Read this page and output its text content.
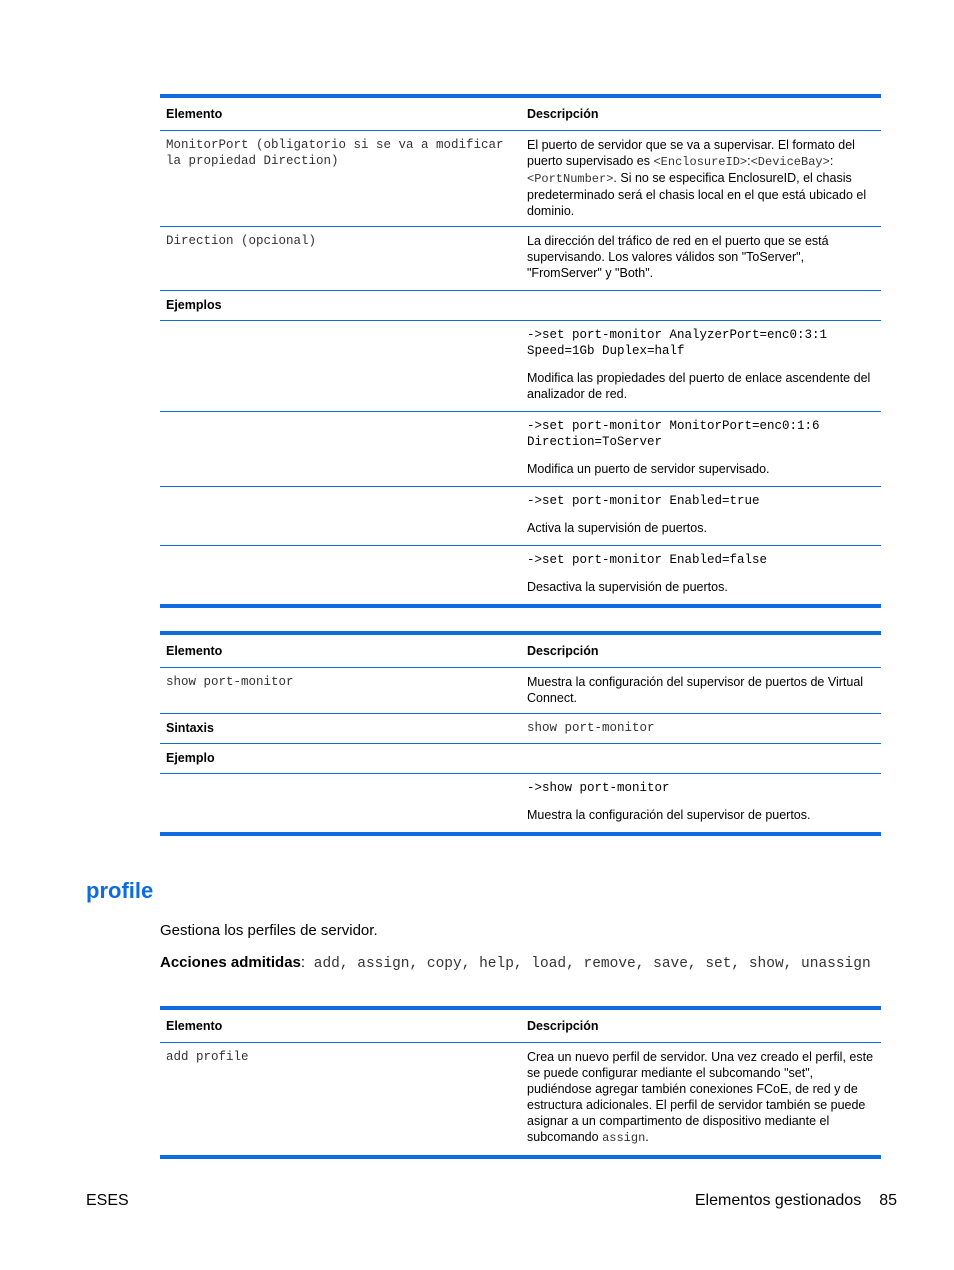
Elemento	Descripción
MonitorPort (obligatorio si se va a modificar la propiedad Direction)	El puerto de servidor que se va a supervisar. El formato del puerto supervisado es <EnclosureID>:<DeviceBay>:<PortNumber>. Si no se especifica EnclosureID, el chasis predeterminado será el chasis local en el que está ubicado el dominio.
Direction (opcional)	La dirección del tráfico de red en el puerto que se está supervisando. Los valores válidos son "ToServer", "FromServer" y "Both".
Ejemplos	

	->set port-monitor AnalyzerPort=enc0:3:1 Speed=1Gb Duplex=half

Modifica las propiedades del puerto de enlace ascendente del analizador de red.

	->set port-monitor MonitorPort=enc0:1:6 Direction=ToServer

Modifica un puerto de servidor supervisado.

	->set port-monitor Enabled=true

Activa la supervisión de puertos.

	->set port-monitor Enabled=false

Desactiva la supervisión de puertos.

Elemento	Descripción
show port-monitor	Muestra la configuración del supervisor de puertos de Virtual Connect.
Sintaxis	show port-monitor
Ejemplo	

	->show port-monitor

Muestra la configuración del supervisor de puertos.

profile

Gestiona los perfiles de servidor.

Acciones admitidas: add, assign, copy, help, load, remove, save, set, show, unassign

Elemento	Descripción
add profile	Crea un nuevo perfil de servidor. Una vez creado el perfil, este se puede configurar mediante el subcomando "set", pudiéndose agregar también conexiones FCoE, de red y de estructura adicionales. El perfil de servidor también se puede asignar a un compartimento de dispositivo mediante el subcomando assign.
ESES	Elementos gestionados 85
